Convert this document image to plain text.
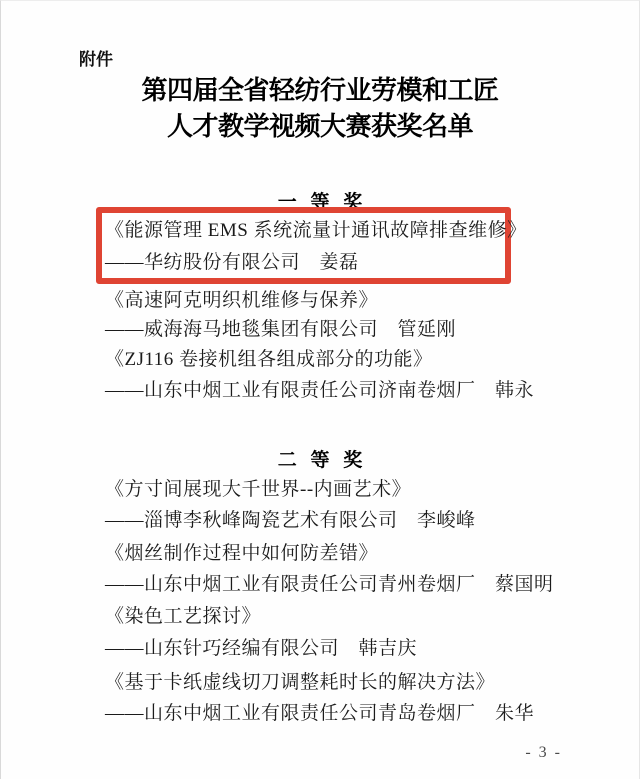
附件
第四届全省轻纺行业劳模和工匠
人才教学视频大赛获奖名单
一 等 奖
《能源管理 EMS 系统流量计通讯故障排查维修》
——华纺股份有限公司　姜磊
《高速阿克明织机维修与保养》
——威海海马地毯集团有限公司　管延刚
《ZJ116 卷接机组各组成部分的功能》
——山东中烟工业有限责任公司济南卷烟厂　韩永
二 等 奖
《方寸间展现大千世界--内画艺术》
——淄博李秋峰陶瓷艺术有限公司　李峻峰
《烟丝制作过程中如何防差错》
——山东中烟工业有限责任公司青州卷烟厂　蔡国明
《染色工艺探讨》
——山东针巧经编有限公司　韩吉庆
《基于卡纸虚线切刀调整耗时长的解决方法》
——山东中烟工业有限责任公司青岛卷烟厂　朱华
- 3 -
